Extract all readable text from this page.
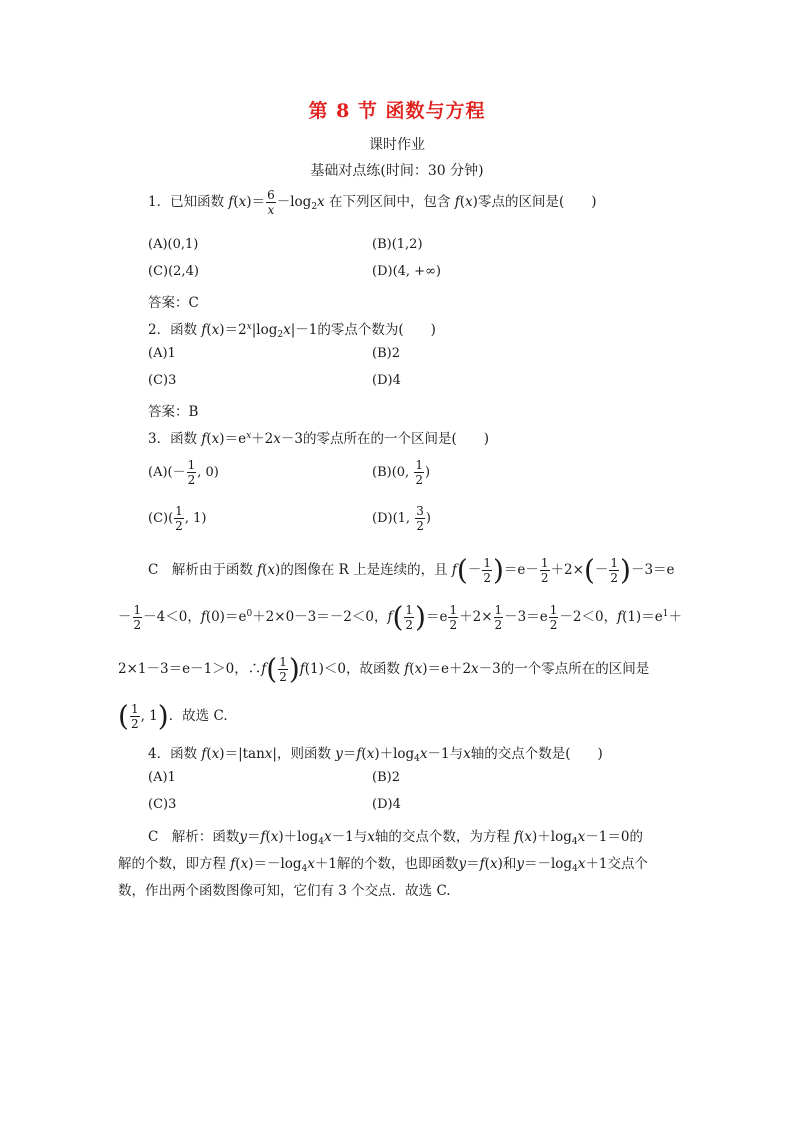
第 8 节 函数与方程
课时作业
基础对点练(时间：30 分钟)
1．已知函数 $f(x)= \frac{6}{x} -\log_2x$ 在下列区间中，包含 f(x)零点的区间是(　　)
(A)(0,1)	(B)(1,2)
(C)(2,4)	(D)(4, +∞)
答案：C
2．函数 $f(x)=2^x|\log_2x|-1$的零点个数为(　　)
(A)1	(B)2
(C)3	(D)4
答案：B
3．函数 $f(x)=e^x+2x-3$的零点所在的一个区间是(　　)
$(A)(- \frac{1}{2}$ , 0)	(B)(0, $\frac{1}{2}$ )
$(C)( \frac{1}{2}$ , 1)	(D)(1, $\frac{3}{2}$ )
C　解析由于函数 f(x)的图像在 R 上是连续的，且 $f(- \frac{1}{2} )=e- \frac{1}{2} +2\times(- \frac{1}{2} )-3=e$
－ $\frac{1}{2} -4<0$，$f(0)=e^0+2\times 0-3=-2<0$，$f( \frac{1}{2} )=e \frac{1}{2} +2\times \frac{1}{2} -3=e \frac{1}{2} -2<0$，$f(1)=e^1+$
2×1－3＝e－1＞0，∴f( $\frac{1}{2} )f(1)<0$，故函数 f(x)＝e＋2x－3的一个零点所在的区间是
( $\frac{1}{2}$ , 1)．故选 C.
4．函数 f(x)＝|tanx|，则函数 $y=f(x)+\log_4x-1$与x轴的交点个数是(　　)
(A)1	(B)2
(C)3	(D)4
C　 解析：函数$y=f(x)+\log_4x-1$与x轴的交点个数，为方程 $f(x)+\log_4x-1=0$的
解的个数，即方程 $f(x)=-\log_4x+1$解的个数，也即函数y＝f(x)和$y=-\log_4x+1$交点个
数，作出两个函数图像可知，它们有 3 个交点．故选 C.
